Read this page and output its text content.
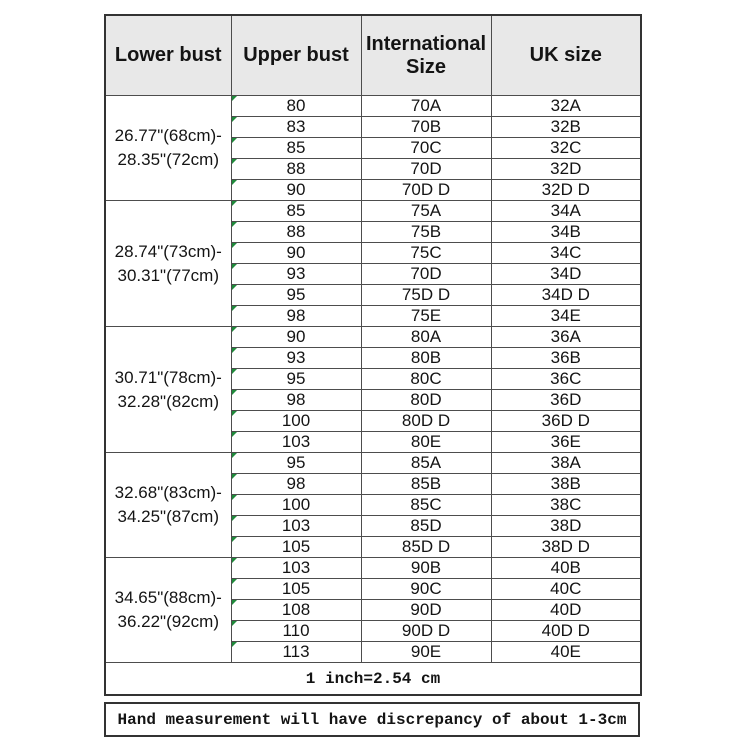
Lower bust	Upper bust	International Size	UK size

26.77"(68cm)-
28.35"(72cm)	80	70A	32A

83	70B	32B

85	70C	32C

88	70D	32D

90	70D D	32D D

28.74"(73cm)-
30.31"(77cm)	85	75A	34A

88	75B	34B

90	75C	34C

93	70D	34D

95	75D D	34D D

98	75E	34E

30.71"(78cm)-
32.28"(82cm)	90	80A	36A

93	80B	36B

95	80C	36C

98	80D	36D

100	80D D	36D D

103	80E	36E

32.68"(83cm)-
34.25"(87cm)	95	85A	38A

98	85B	38B

100	85C	38C

103	85D	38D

105	85D D	38D D

34.65"(88cm)-
36.22"(92cm)	103	90B	40B

105	90C	40C

108	90D	40D

110	90D D	40D D

113	90E	40E
1 inch=2.54 cm			
Hand measurement will have discrepancy of about 1-3cm
